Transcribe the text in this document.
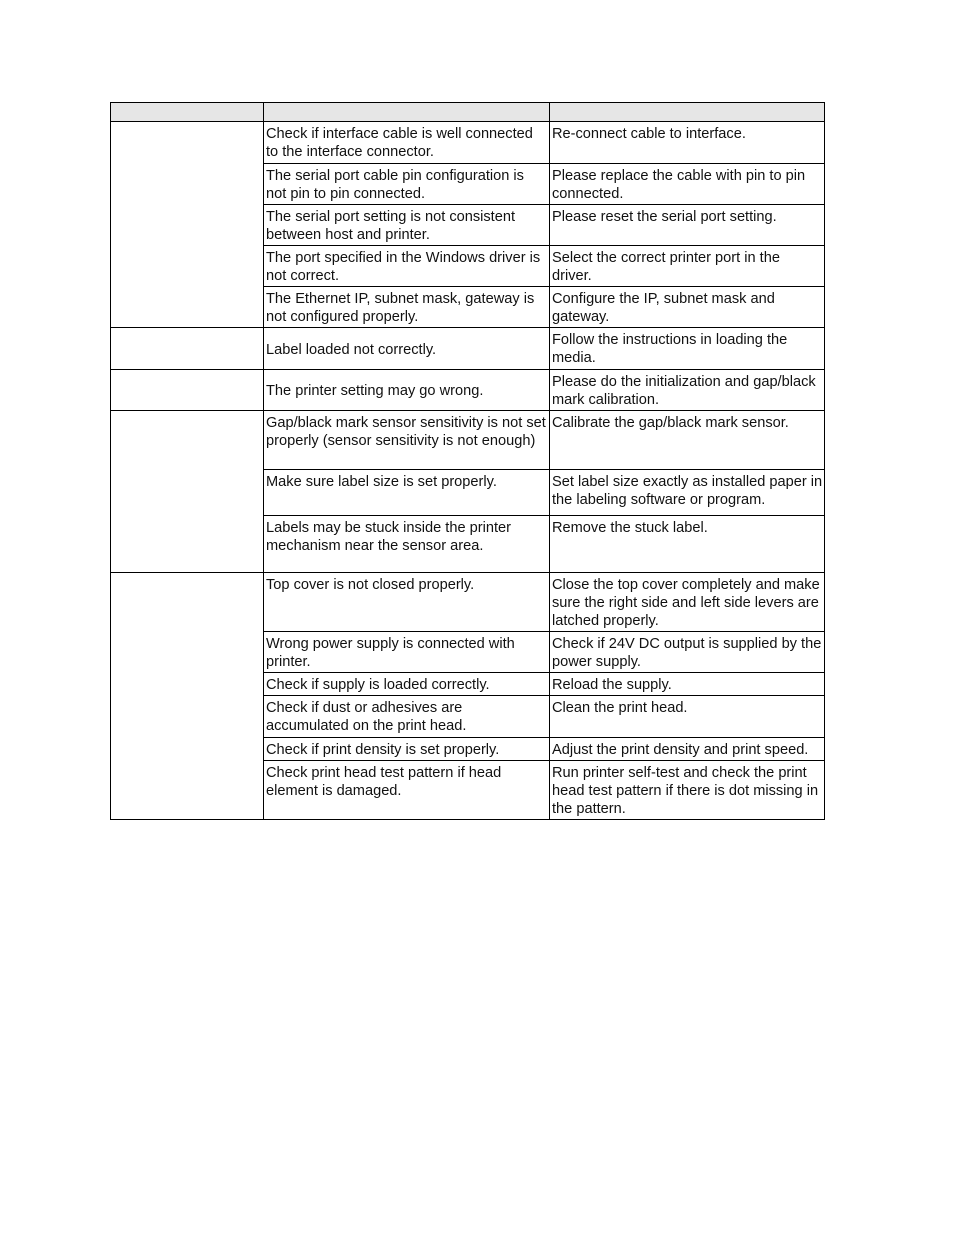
	Check if interface cable is well connected to the interface connector.	Re-connect cable to interface.
	The serial port cable pin configuration is not pin to pin connected.	Please replace the cable with pin to pin connected.
	The serial port setting is not consistent between host and printer.	Please reset the serial port setting.
	The port specified in the Windows driver is not correct.	Select the correct printer port in the driver.
	The Ethernet IP, subnet mask, gateway is not configured properly.	Configure the IP, subnet mask and gateway.
	Label loaded not correctly.	Follow the instructions in loading the media.
	The printer setting may go wrong.	Please do the initialization and gap/black mark calibration.
	Gap/black mark sensor sensitivity is not set properly (sensor sensitivity is not enough)	Calibrate the gap/black mark sensor.
	Make sure label size is set properly.	Set label size exactly as installed paper in the labeling software or program.
	Labels may be stuck inside the printer mechanism near the sensor area.	Remove the stuck label.
	Top cover is not closed properly.	Close the top cover completely and make sure the right side and left side levers are latched properly.
	Wrong power supply is connected with printer.	Check if 24V DC output is supplied by the power supply.
	Check if supply is loaded correctly.	Reload the supply.
	Check if dust or adhesives are accumulated on the print head.	Clean the print head.
	Check if print density is set properly.	Adjust the print density and print speed.
	Check print head test pattern if head element is damaged.	Run printer self-test and check the print head test pattern if there is dot missing in the pattern.
